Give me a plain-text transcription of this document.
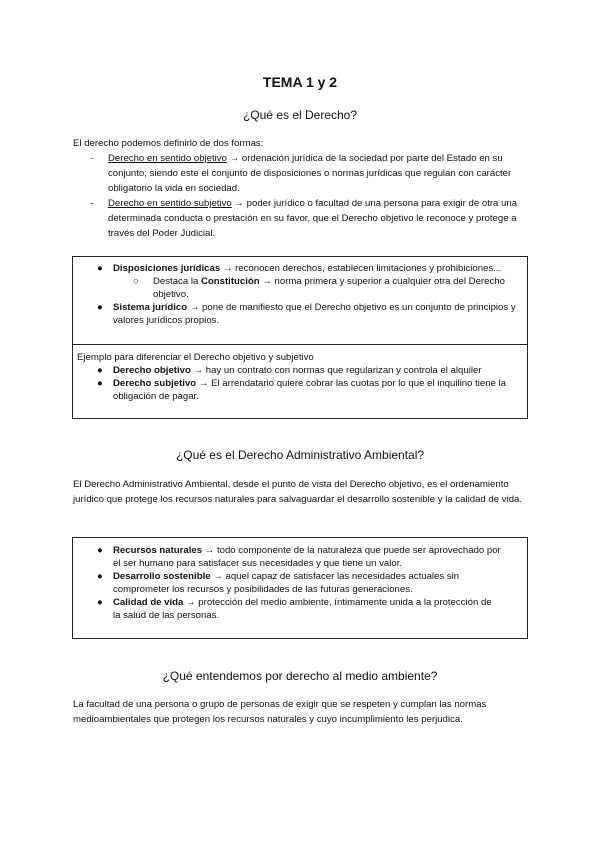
TEMA 1 y 2
¿Qué es el Derecho?
El derecho podemos definirlo de dos formas:

- Derecho en sentido objetivo → ordenación jurídica de la sociedad por parte del Estado en su conjunto, siendo este el conjunto de disposiciones o normas jurídicas que regulan con carácter obligatorio la vida en sociedad.

- Derecho en sentido subjetivo → poder jurídico o facultad de una persona para exigir de otra una determinada conducta o prestación en su favor, que el Derecho objetivo le reconoce y protege a través del Poder Judicial.

● Disposiciones jurídicas → reconocen derechos, establecen limitaciones y prohibiciones...
○ Destaca la Constitución → norma primera y superior a cualquier otra del Derecho objetivo.
● Sistema jurídico → pone de manifiesto que el Derecho objetivo es un conjunto de principios y valores jurídicos propios.
Ejemplo para diferenciar el Derecho objetivo y subjetivo
● Derecho objetivo → hay un contrato con normas que regularizan y controla el alquiler
● Derecho subjetivo → El arrendatario quiere cobrar las cuotas por lo que el inquilino tiene la obligación de pagar.
¿Qué es el Derecho Administrativo Ambiental?
El Derecho Administrativo Ambiental, desde el punto de vista del Derecho objetivo, es el ordenamiento jurídico que protege los recursos naturales para salvaguardar el desarrollo sostenible y la calidad de vida.
● Recursos naturales → todo componente de la naturaleza que puede ser aprovechado por el ser humano para satisfacer sus necesidades y que tiene un valor.
● Desarrollo sostenible → aquel capaz de satisfacer las necesidades actuales sin comprometer los recursos y posibilidades de las futuras generaciones.
● Calidad de vida → protección del medio ambiente, íntimamente unida a la protección de la salud de las personas.
¿Qué entendemos por derecho al medio ambiente?
La facultad de una persona o grupo de personas de exigir que se respeten y cumplan las normas medioambientales que protegen los recursos naturales y cuyo incumplimiento les perjudica.
